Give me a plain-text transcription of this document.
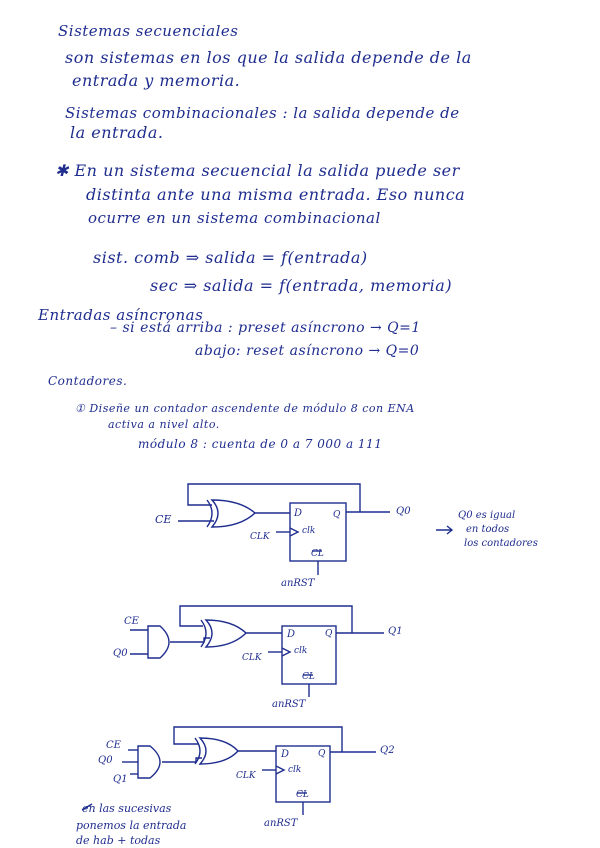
Sistemas secuenciales
son sistemas en los que la salida depende de la
entrada y memoria.
Sistemas combinacionales : la salida depende de
la entrada.
✱ En un sistema secuencial la salida puede ser
distinta ante una misma entrada. Eso nunca
ocurre en un sistema combinacional
sist. comb ⇒ salida = f(entrada)
sec ⇒ salida = f(entrada, memoria)
Entradas asíncronas
– si está arriba : preset asíncrono → Q=1
abajo: reset asíncrono → Q=0
Contadores.
① Diseñe un contador ascendente de módulo 8 con ENA
activa a nivel alto.
módulo 8 : cuenta de 0 a 7 000 a 111
CE	D	Q
clk
CLK
CL
anRST
Q0	Q0 es igual
en todos
los contadores
CE
Q0
D	Q
clk
CLK
CL
anRST
Q1
CE
Q0
Q1
D	Q
clk
CLK
CL
anRST
Q2
en las sucesivas
ponemos la entrada
de hab + todas
